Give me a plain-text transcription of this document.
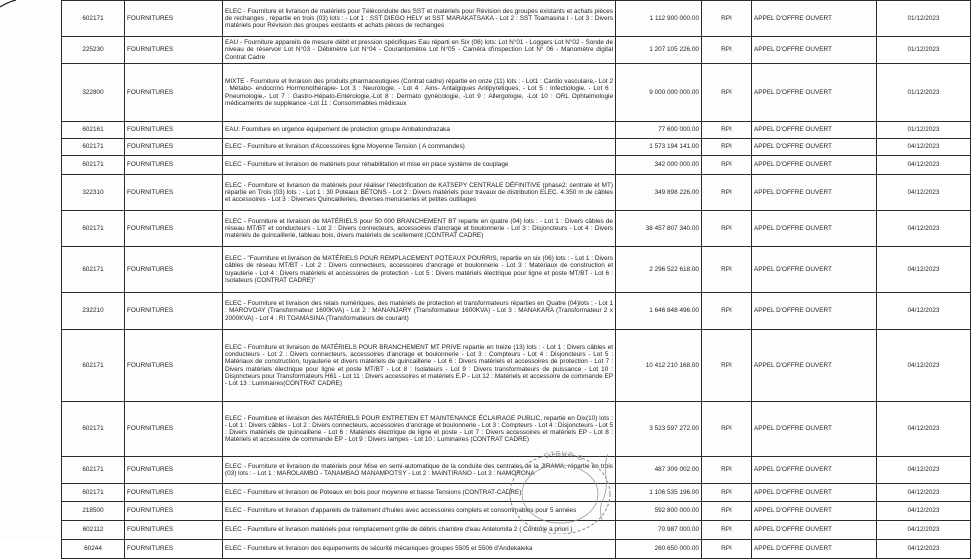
602171	FOURNITURES	ELEC - Fourniture et livraison de matériels pour Téléconduite des SST et matériels pour Révision des groupes existants et achats pièces de rechanges , répartie en trois (03) lots : - Lot 1 : SST DIEGO HELY et SST MARAKATSAKA - Lot 2 : SST Toamasina I - Lot 3 : Divers matériels pour Révision des groupes existants et achats pièces de rechanges	1 112 900 000.00	RPI	APPEL D'OFFRE OUVERT	01/12/2023
225230	FOURNITURES	EAU - Fourniture appareils de mesure débit et pression spécifiques Eau réparti en Six (06) lots: Lot N°01 - Loggers Lot N°02 - Sonde de niveau de réservoir Lot N°03 - Débimètre Lot N°04 - Courantomètre Lot N°05 - Caméra d'inspection Lot N° 06 - Manomètre digital Contrat Cadre	1 207 105 226.00	RPI	APPEL D'OFFRE OUVERT	01/12/2023
322800	FOURNITURES	MIXTE - Fourniture et livraison des produits pharmaceutiques (Contrat cadre) répartie en onze (11) lots : - Lot1 : Cardio vasculaire,- Lot 2 : Métabo- endocrino Hormonothérapie- Lot 3 : Neurologie, - Lot 4 : Ains- Antalgiques Antipyretiques, - Lot 5 : Infectiologie, - Lot 6 : Pneumologie,- Lot 7 : Gastro-Hépato-Entérologie,-Lot 8 : Dermato gynécologie, -Lot 9 : Allergologie, -Lot 10 : ORL Ophtalmologie médicaments de suppleance -Lot 11 : Consommables médicaux	9 000 000 000.00	RPI	APPEL D'OFFRE OUVERT	01/12/2023
602161	FOURNITURES	EAU: Fourniture en urgence équipement de protection groupe Ambatondrazaka	77 600 000.00	RPI	APPEL D'OFFRE OUVERT	01/12/2023
602171	FOURNITURES	ELEC - Fourniture et livraison d'Accessoires ligne Moyenne Tension ( A commandes)	1 573 194 141.00	RPI	APPEL D'OFFRE OUVERT	04/12/2023
602171	FOURNITURES	ELEC - Fourniture et livraison de matériels pour réhabilitation et mise en place système de couplage	342 000 000.00	RPI	APPEL D'OFFRE OUVERT	04/12/2023
322310	FOURNITURES	ELEC - Fourniture et livraison de matériels pour réaliser l'électrification de KATSEPY CENTRALE DÉFINITIVE (phase2: centrale et MT) répartie en Trois (03) lots : - Lot 1 : 30 Poteaux BÉTONS - Lot 2 : Divers matériels pour travaux de distribution ELEC. 4.350 m de câbles et accessoires - Lot 3 : Diverses Quincailleries, diverses menuiseries et petites outillages	349 898 226.00	RPI	APPEL D'OFFRE OUVERT	04/12/2023
602171	FOURNITURES	ELEC - Fourniture et livraison de MATÉRIELS pour 50 000 BRANCHEMENT BT reparte en quatre (04) lots : - Lot 1 : Divers câbles de réseau MT/BT et conducteurs - Lot 2 : Divers connecteurs, accessoires d'ancrage et boulonnerie - Lot 3 : Disjoncteurs - Lot 4 : Divers matériels de quincaillerie, tableau bois, divers matériels de scellement (CONTRAT CADRE)	38 457 807 340.00	RPI	APPEL D'OFFRE OUVERT	04/12/2023
602171	FOURNITURES	ELEC - "Fourniture et livraison de MATÉRIELS POUR REMPLACEMENT POTEAUX POURRIS, repartie en six (06) lots : - Lot 1 : Divers câbles de réseau MT/BT - Lot 2 : Divers connecteurs, accessoires d'ancrage et boulonnerie - Lot 3 : Matériaux de construction et tuyauterie - Lot 4 : Divers matériels et accessoires de protection - Lot 5 : Divers matériels électrique pour ligne et poste MT/BT - Lot 6 : Isolateurs (CONTRAT CADRE)"	2 296 522 618.00	RPI	APPEL D'OFFRE OUVERT	04/12/2023
232210	FOURNITURES	ELEC - Fourniture et livraison des relais numériques, des matériels de protection et transformateurs réparties en Quatre (04)lots : - Lot 1 : MAROVOAY (Transformateur 1600KVA) - Lot 2 : MANANJARY (Transformateur 1600KVA) - Lot 3 : MANAKARA (Transformateur 2 x 2000KVA) - Lot 4 : RI TOAMASINA (Transformateurs de courant)	1 646 848 496.00	RPI	APPEL D'OFFRE OUVERT	04/12/2023
602171	FOURNITURES	ELEC - Fourniture et livraison de MATÉRIELS POUR BRANCHEMENT MT PRIVE repartie en treize (13) lots : - Lot 1 : Divers câbles et conducteurs - Lot 2 : Divers connecteurs, accessoires d'ancrage et boulonnerie - Lot 3 : Compteurs - Lot 4 : Disjoncteurs - Lot 5 : Matériaux de construction, tuyauterie et divers matériels de quincaillerie - Lot 6 : Divers matériels et accessoires de protection - Lot 7 : Divers matériels électrique pour ligne et poste MT/BT - Lot 8 : Isolateurs - Lot 9 : Divers transformateurs de puissance - Lot 10 : Disjoncteurs pour Transformateurs H61 - Lot 11 : Divers accessoires et matériels E.P - Lot 12 : Matériels et accessoire de commande EP - Lot 13 : Luminaires(CONTRAT CADRE)	10 412 210 168.00	RPI	APPEL D'OFFRE OUVERT	04/12/2023
602171	FOURNITURES	ELEC - Fourniture et livraison des MATÉRIELS POUR ENTRETIEN ET MAINTENANCE ÉCLAIRAGE PUBLIC, repartie en Dix(10) lots : - Lot 1 : Divers câbles - Lot 2 : Divers connecteurs, accessoires d'ancrage et boulonnerie - Lot 3 : Compteurs - Lot 4 : Disjoncteurs - Lot 5 : Divers matériels de quincaillerie - Lot 6 : Matériels électrique de ligne et poste - Lot 7 : Divers accessoires et matériels EP - Lot 8 : Matériels et accessoire de commande EP - Lot 9 : Divers lampes - Lot 10 : Luminaires (CONTRAT CADRE)	3 523 597 272.00	RPI	APPEL D'OFFRE OUVERT	04/12/2023
602171	FOURNITURES	ELEC - Fourniture et livraison de matériels pour Mise en semi-automatique de la conduite des centrales de la JIRAMA, répartie en trois (03) lots : - Lot 1 : MAROLAMBO - TANAMBAO MANAMPOTSY - Lot 2 : MAINTIRANO - Lot 3 : NAMORONA	487 309 002.00	RPI	APPEL D'OFFRE OUVERT	04/12/2023
602171	FOURNITURES	ELEC - Fourniture et livraison de Poteaux en bois pour moyenne et basse Tensions (CONTRAT-CADRE)	1 106 535 196.00	RPI	APPEL D'OFFRE OUVERT	04/12/2023
218500	FOURNITURES	ELEC - Fourniture et livraison d'appareils de traitement d'huiles avec accessoires complets et consommables pour 5 années	592 800 000.00	RPI	APPEL D'OFFRE OUVERT	04/12/2023
602112	FOURNITURES	ELEC - Fourniture et livraison matériels pour remplacement grille de débris chambre d'eau Antelomita 2 ( Contrôle à priori )	70 987 000.00	RPI	APPEL D'OFFRE OUVERT	04/12/2023
60244	FOURNITURES	ELEC - Fourniture et livraison des équipements de sécurité mécaniques groupes 5505 et 5506 d'Andekaleka	260 650 000.00	RPI	APPEL D'OFFRE OUVERT	04/12/2023
CTEUR G
